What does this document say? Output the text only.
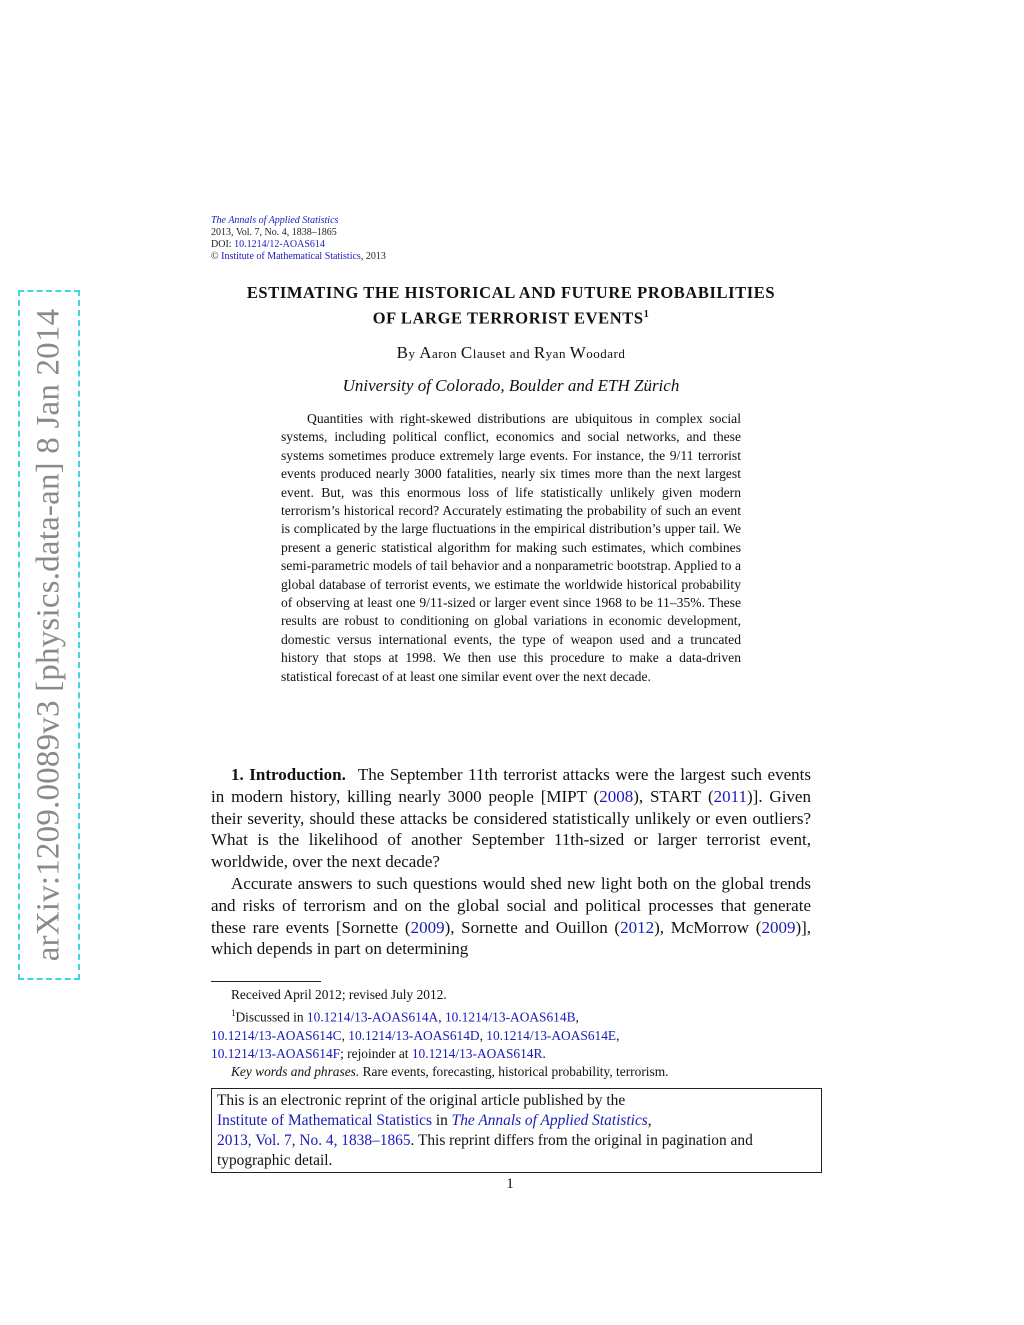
arXiv:1209.0089v3 [physics.data-an] 8 Jan 2014
The Annals of Applied Statistics
2013, Vol. 7, No. 4, 1838–1865
DOI: 10.1214/12-AOAS614
© Institute of Mathematical Statistics, 2013
ESTIMATING THE HISTORICAL AND FUTURE PROBABILITIES
OF LARGE TERRORIST EVENTS$^1$
By Aaron Clauset and Ryan Woodard
University of Colorado, Boulder and ETH Zürich

Quantities with right-skewed distributions are ubiquitous in complex social systems, including political conflict, economics and social networks, and these systems sometimes produce extremely large events. For instance, the 9/11 terrorist events produced nearly 3000 fatalities, nearly six times more than the next largest event. But, was this enormous loss of life statistically unlikely given modern terrorism’s historical record? Accurately estimating the probability of such an event is complicated by the large fluctuations in the empirical distribution’s upper tail. We present a generic statistical algorithm for making such estimates, which combines semi-parametric models of tail behavior and a nonparametric bootstrap. Applied to a global database of terrorist events, we estimate the worldwide historical probability of observing at least one 9/11-sized or larger event since 1968 to be 11–35%. These results are robust to conditioning on global variations in economic development, domestic versus international events, the type of weapon used and a truncated history that stops at 1998. We then use this procedure to make a data-driven statistical forecast of at least one similar event over the next decade.

1. Introduction. The September 11th terrorist attacks were the largest such events in modern history, killing nearly 3000 people [MIPT (2008), START (2011)]. Given their severity, should these attacks be considered statistically unlikely or even outliers? What is the likelihood of another September 11th-sized or larger terrorist event, worldwide, over the next decade?

Accurate answers to such questions would shed new light both on the global trends and risks of terrorism and on the global social and political processes that generate these rare events [Sornette (2009), Sornette and Ouillon (2012), McMorrow (2009)], which depends in part on determining

Received April 2012; revised July 2012.
$^1$Discussed in 10.1214/13-AOAS614A, 10.1214/13-AOAS614B,
10.1214/13-AOAS614C, 10.1214/13-AOAS614D, 10.1214/13-AOAS614E,
10.1214/13-AOAS614F; rejoinder at 10.1214/13-AOAS614R.
Key words and phrases. Rare events, forecasting, historical probability, terrorism.
This is an electronic reprint of the original article published by the
Institute of Mathematical Statistics in The Annals of Applied Statistics,
2013, Vol. 7, No. 4, 1838–1865. This reprint differs from the original in pagination and typographic detail.
1
